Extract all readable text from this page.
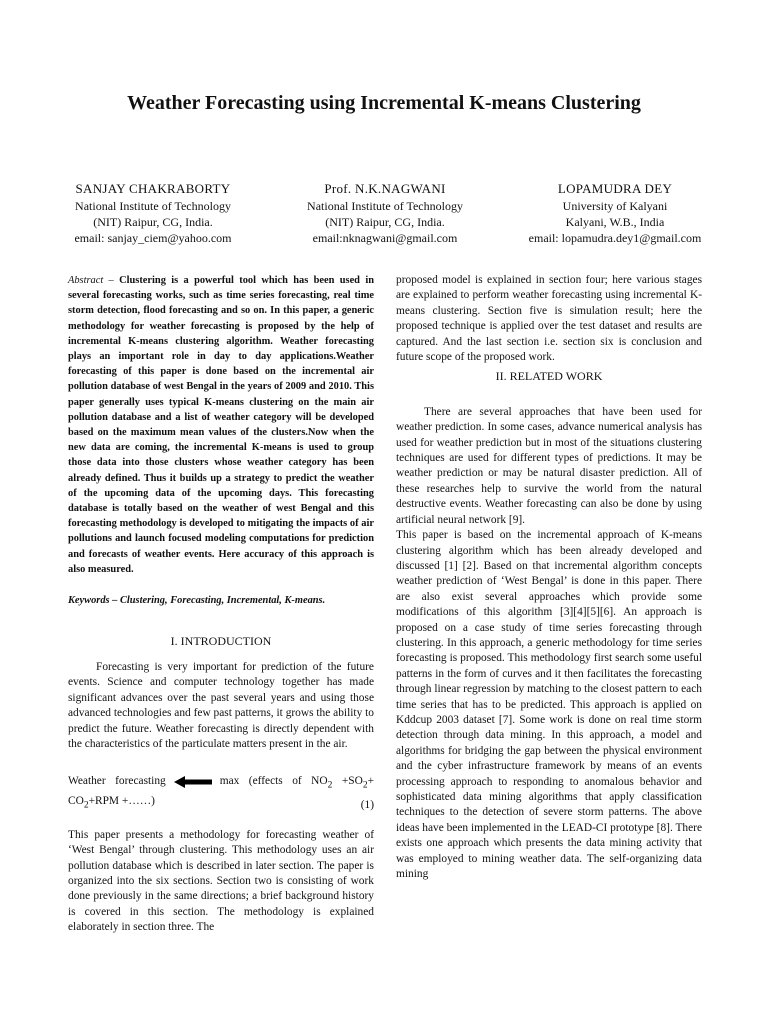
Weather Forecasting using Incremental K-means Clustering
SANJAY CHAKRABORTY
National Institute of Technology
(NIT) Raipur, CG, India.
email: sanjay_ciem@yahoo.com
Prof. N.K.NAGWANI
National Institute of Technology
(NIT) Raipur, CG, India.
email:nknagwani@gmail.com
LOPAMUDRA DEY
University of Kalyani
Kalyani, W.B., India
email: lopamudra.dey1@gmail.com

Abstract – Clustering is a powerful tool which has been used in several forecasting works, such as time series forecasting, real time storm detection, flood forecasting and so on. In this paper, a generic methodology for weather forecasting is proposed by the help of incremental K-means clustering algorithm. Weather forecasting plays an important role in day to day applications.Weather forecasting of this paper is done based on the incremental air pollution database of west Bengal in the years of 2009 and 2010. This paper generally uses typical K-means clustering on the main air pollution database and a list of weather category will be developed based on the maximum mean values of the clusters.Now when the new data are coming, the incremental K-means is used to group those data into those clusters whose weather category has been already defined. Thus it builds up a strategy to predict the weather of the upcoming data of the upcoming days. This forecasting database is totally based on the weather of west Bengal and this forecasting methodology is developed to mitigating the impacts of air pollutions and launch focused modeling computations for prediction and forecasts of weather events. Here accuracy of this approach is also measured.

Keywords – Clustering, Forecasting, Incremental, K-means.

I. INTRODUCTION

Forecasting is very important for prediction of the future events. Science and computer technology together has made significant advances over the past several years and using those advanced technologies and few past patterns, it grows the ability to predict the future. Weather forecasting is directly dependent with the characteristics of the particulate matters present in the air.

Weather forecasting	max (effects of $NO_2 +SO_2+ CO_2+RPM$ +……)	(1)

This paper presents a methodology for forecasting weather of ‘West Bengal’ through clustering. This methodology uses an air pollution database which is described in later section. The paper is organized into the six sections. Section two is consisting of work done previously in the same directions; a brief background history is covered in this section. The methodology is explained elaborately in section three. The

proposed model is explained in section four; here various stages are explained to perform weather forecasting using incremental K-means clustering. Section five is simulation result; here the proposed technique is applied over the test dataset and results are captured. And the last section i.e. section six is conclusion and future scope of the proposed work.

II. RELATED WORK

There are several approaches that have been used for weather prediction. In some cases, advance numerical analysis has used for weather prediction but in most of the situations clustering techniques are used for different types of predictions. It may be weather prediction or may be natural disaster prediction. All of these researches help to survive the world from the natural destructive events. Weather forecasting can also be done by using artificial neural network [9].

This paper is based on the incremental approach of K-means clustering algorithm which has been already developed and discussed [1] [2]. Based on that incremental algorithm concepts weather prediction of ‘West Bengal’ is done in this paper. There are also exist several approaches which provide some modifications of this algorithm [3][4][5][6]. An approach is proposed on a case study of time series forecasting through clustering. In this approach, a generic methodology for time series forecasting is proposed. This methodology first search some useful patterns in the form of curves and it then facilitates the forecasting through linear regression by matching to the closest pattern to each time series that has to be predicted. This approach is applied on Kddcup 2003 dataset [7]. Some work is done on real time storm detection through data mining. In this approach, a model and algorithms for bridging the gap between the physical environment and the cyber infrastructure framework by means of an events processing approach to responding to anomalous behavior and sophisticated data mining algorithms that apply classification techniques to the detection of severe storm patterns. The above ideas have been implemented in the LEAD-CI prototype [8]. There exists one approach which presents the data mining activity that was employed to mining weather data. The self-organizing data mining
